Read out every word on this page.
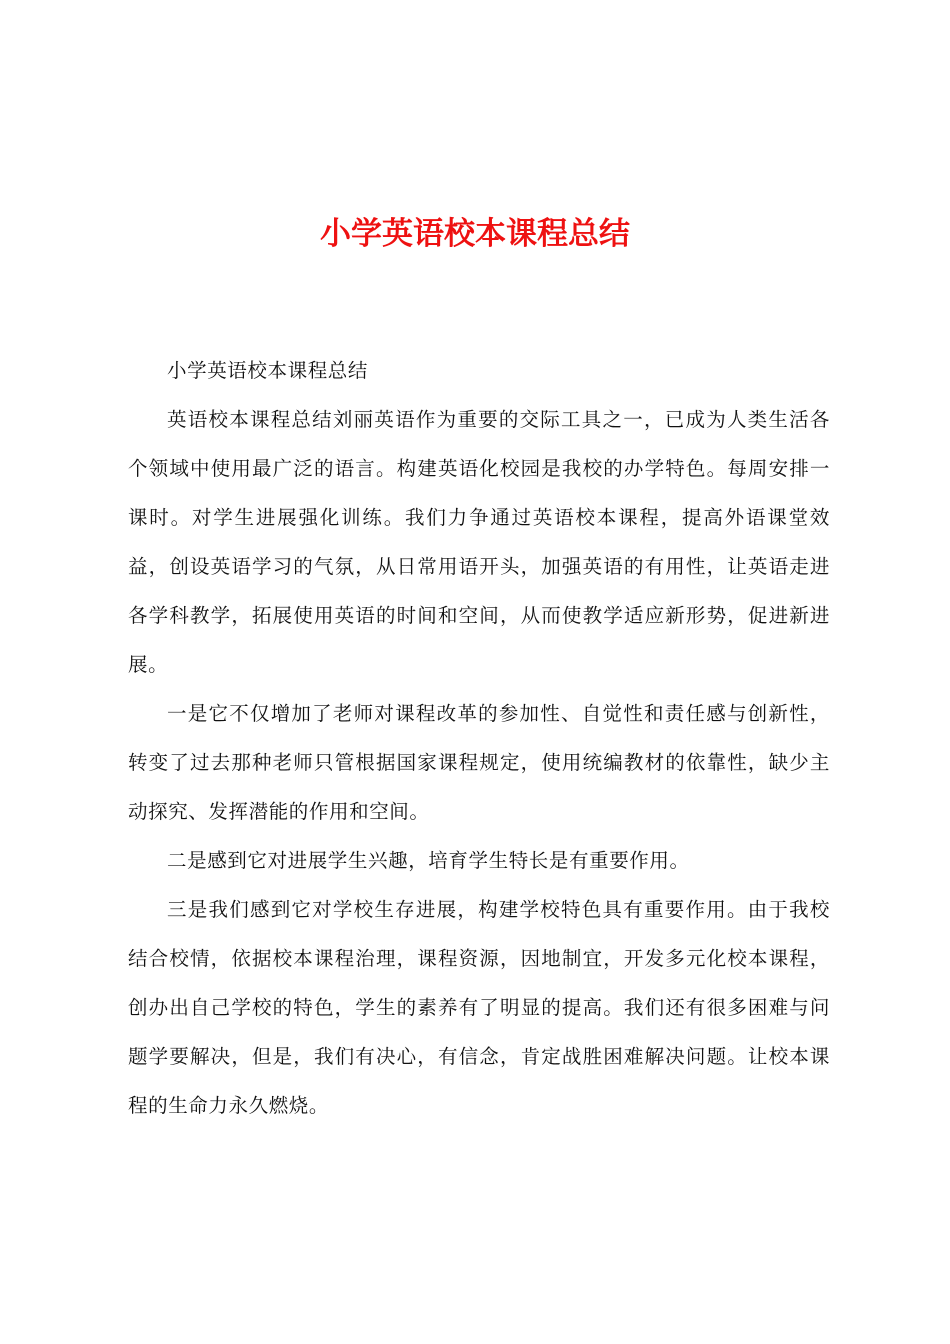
小学英语校本课程总结

小学英语校本课程总结

英语校本课程总结刘丽英语作为重要的交际工具之一，已成为人类生活各个领域中使用最广泛的语言。构建英语化校园是我校的办学特色。每周安排一课时。对学生进展强化训练。我们力争通过英语校本课程，提高外语课堂效益，创设英语学习的气氛，从日常用语开头，加强英语的有用性，让英语走进各学科教学，拓展使用英语的时间和空间，从而使教学适应新形势，促进新进展。

一是它不仅增加了老师对课程改革的参加性、自觉性和责任感与创新性，转变了过去那种老师只管根据国家课程规定，使用统编教材的依靠性，缺少主动探究、发挥潜能的作用和空间。

二是感到它对进展学生兴趣，培育学生特长是有重要作用。

三是我们感到它对学校生存进展，构建学校特色具有重要作用。由于我校结合校情，依据校本课程治理，课程资源，因地制宜，开发多元化校本课程，创办出自己学校的特色，学生的素养有了明显的提高。我们还有很多困难与问题学要解决，但是，我们有决心，有信念，肯定战胜困难解决问题。让校本课程的生命力永久燃烧。
